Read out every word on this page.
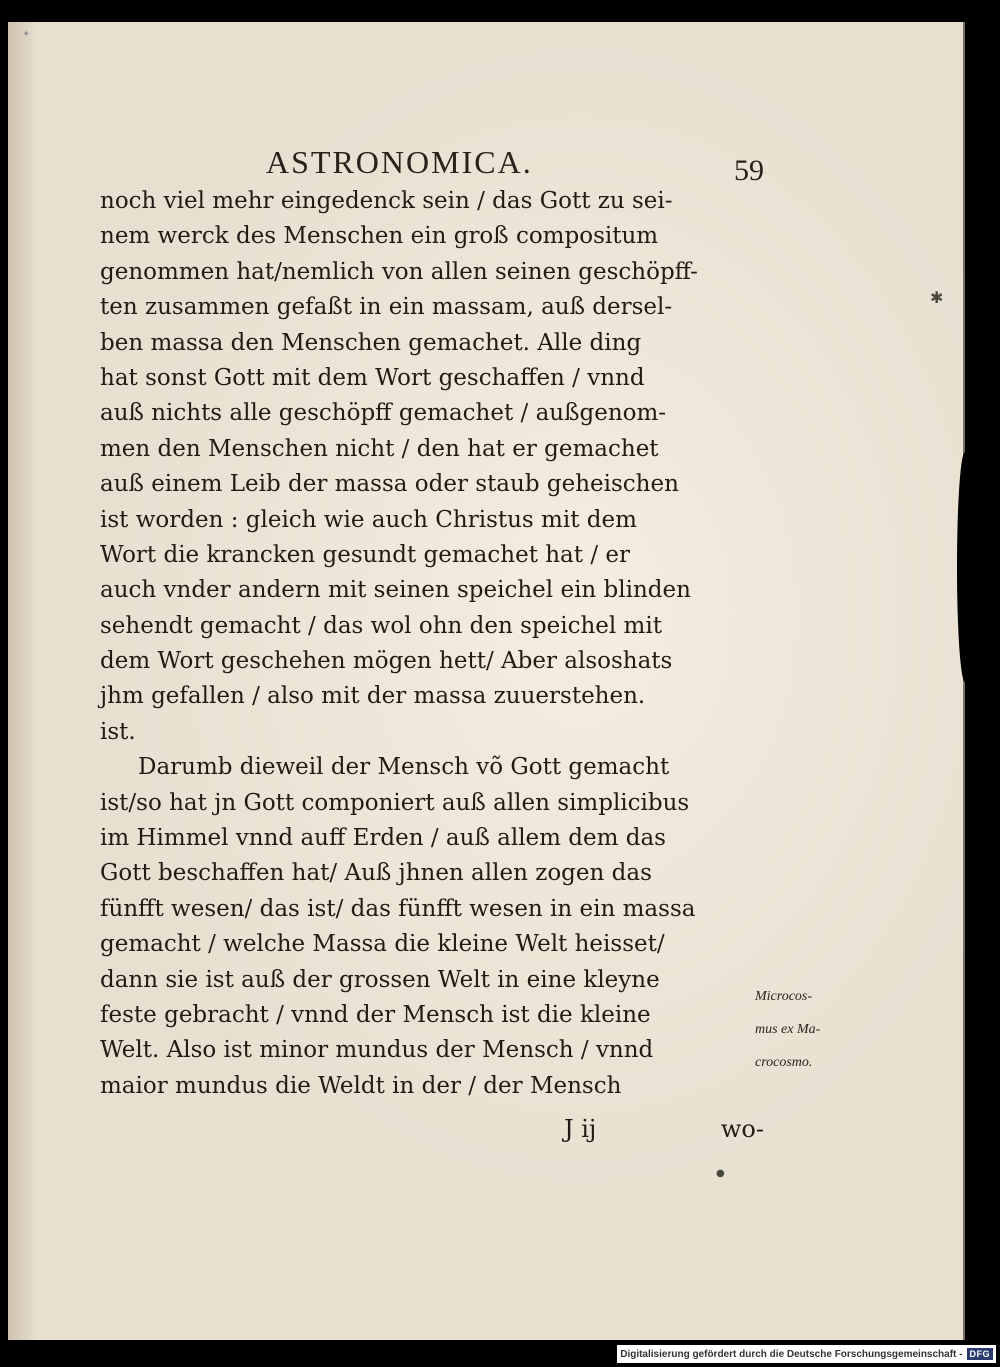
✦
ASTRONOMICA.	59
noch viel mehr eingedenck sein / das Gott zu sei-
nem werck des Menschen ein groß compositum
genommen hat/nemlich von allen seinen geschöpff-
ten zusammen gefaßt in ein massam, auß dersel-
ben massa den Menschen gemachet. Alle ding
hat sonst Gott mit dem Wort geschaffen / vnnd
auß nichts alle geschöpff gemachet / außgenom-
men den Menschen nicht / den hat er gemachet
auß einem Leib der massa oder staub geheischen
ist worden : gleich wie auch Christus mit dem
Wort die krancken gesundt gemachet hat / er
auch vnder andern mit seinen speichel ein blinden
sehendt gemacht / das wol ohn den speichel mit
dem Wort geschehen mögen hett/ Aber alsoshats
jhm gefallen / also mit der massa zuuerstehen.
ist.
Darumb dieweil der Mensch võ Gott gemacht
ist/so hat jn Gott componiert auß allen simplicibus
im Himmel vnnd auff Erden / auß allem dem das
Gott beschaffen hat/ Auß jhnen allen zogen das
fünfft wesen/ das ist/ das fünfft wesen in ein massa
gemacht / welche Massa die kleine Welt heisset/
dann sie ist auß der grossen Welt in eine kleyne
feste gebracht / vnnd der Mensch ist die kleine
Welt. Also ist minor mundus der Mensch / vnnd
maior mundus die Weldt in der / der Mensch
Microcos-
mus ex Ma-
crocosmo.
J ij	wo-
✱
●
Digitalisierung gefördert durch die Deutsche Forschungsgemeinschaft - DFG
